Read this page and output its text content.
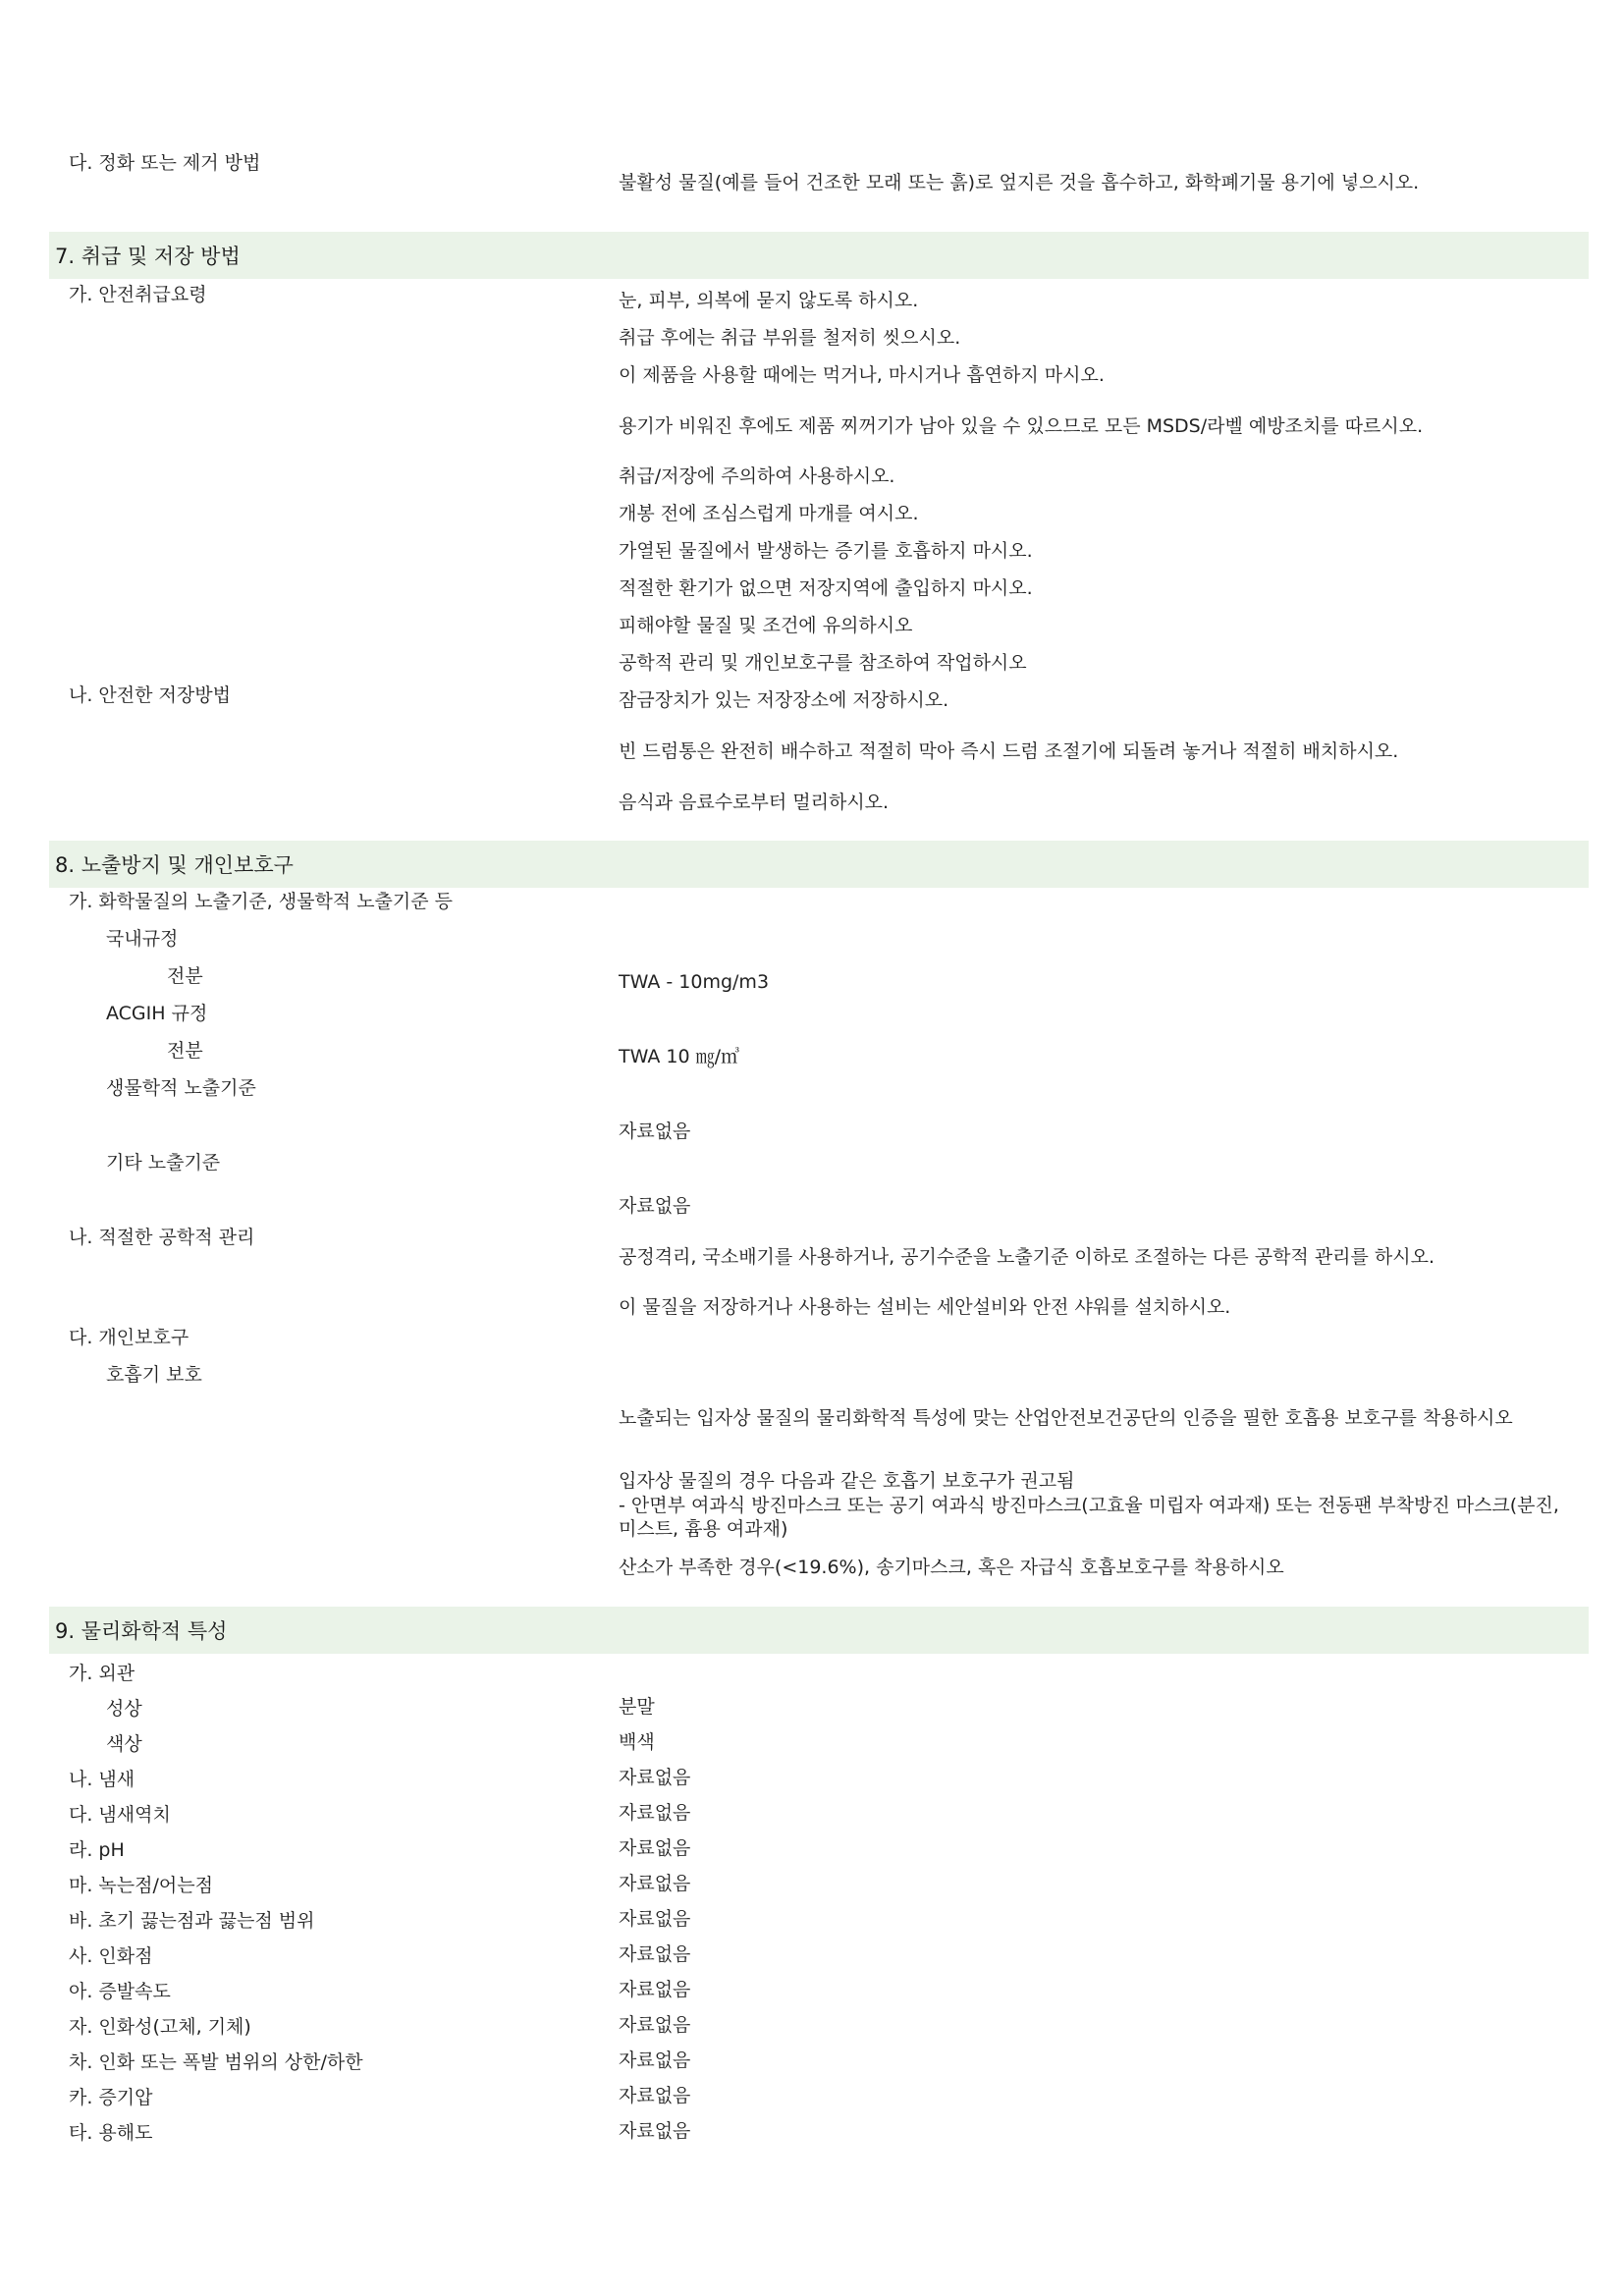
다. 정화 또는 제거 방법
불활성 물질(예를 들어 건조한 모래 또는 흙)로 엎지른 것을 흡수하고, 화학폐기물 용기에 넣으시오.
7. 취급 및 저장 방법
가. 안전취급요령	눈, 피부, 의복에 묻지 않도록 하시오.
취급 후에는 취급 부위를 철저히 씻으시오.
이 제품을 사용할 때에는 먹거나, 마시거나 흡연하지 마시오.
용기가 비워진 후에도 제품 찌꺼기가 남아 있을 수 있으므로 모든 MSDS/라벨 예방조치를 따르시오.
취급/저장에 주의하여 사용하시오.
개봉 전에 조심스럽게 마개를 여시오.
가열된 물질에서 발생하는 증기를 호흡하지 마시오.
적절한 환기가 없으면 저장지역에 출입하지 마시오.
피해야할 물질 및 조건에 유의하시오
공학적 관리 및 개인보호구를 참조하여 작업하시오
나. 안전한 저장방법	잠금장치가 있는 저장장소에 저장하시오.
빈 드럼통은 완전히 배수하고 적절히 막아 즉시 드럼 조절기에 되돌려 놓거나 적절히 배치하시오.
음식과 음료수로부터 멀리하시오.
8. 노출방지 및 개인보호구
가. 화학물질의 노출기준, 생물학적 노출기준 등
국내규정
전분	TWA - 10mg/m3
ACGIH 규정
전분	TWA 10 ㎎/㎥
생물학적 노출기준
자료없음
기타 노출기준
자료없음
나. 적절한 공학적 관리
공정격리, 국소배기를 사용하거나, 공기수준을 노출기준 이하로 조절하는 다른 공학적 관리를 하시오.
이 물질을 저장하거나 사용하는 설비는 세안설비와 안전 샤워를 설치하시오.
다. 개인보호구
호흡기 보호
노출되는 입자상 물질의 물리화학적 특성에 맞는 산업안전보건공단의 인증을 필한 호흡용 보호구를 착용하시오
입자상 물질의 경우 다음과 같은 호흡기 보호구가 권고됨
- 안면부 여과식 방진마스크 또는 공기 여과식 방진마스크(고효율 미립자 여과재) 또는 전동팬 부착방진 마스크(분진, 미스트, 흄용 여과재)
산소가 부족한 경우(<19.6%), 송기마스크, 혹은 자급식 호흡보호구를 착용하시오
9. 물리화학적 특성
가. 외관
성상	분말
색상	백색
나. 냄새	자료없음
다. 냄새역치	자료없음
라. pH	자료없음
마. 녹는점/어는점	자료없음
바. 초기 끓는점과 끓는점 범위	자료없음
사. 인화점	자료없음
아. 증발속도	자료없음
자. 인화성(고체, 기체)	자료없음
차. 인화 또는 폭발 범위의 상한/하한	자료없음
카. 증기압	자료없음
타. 용해도	자료없음
